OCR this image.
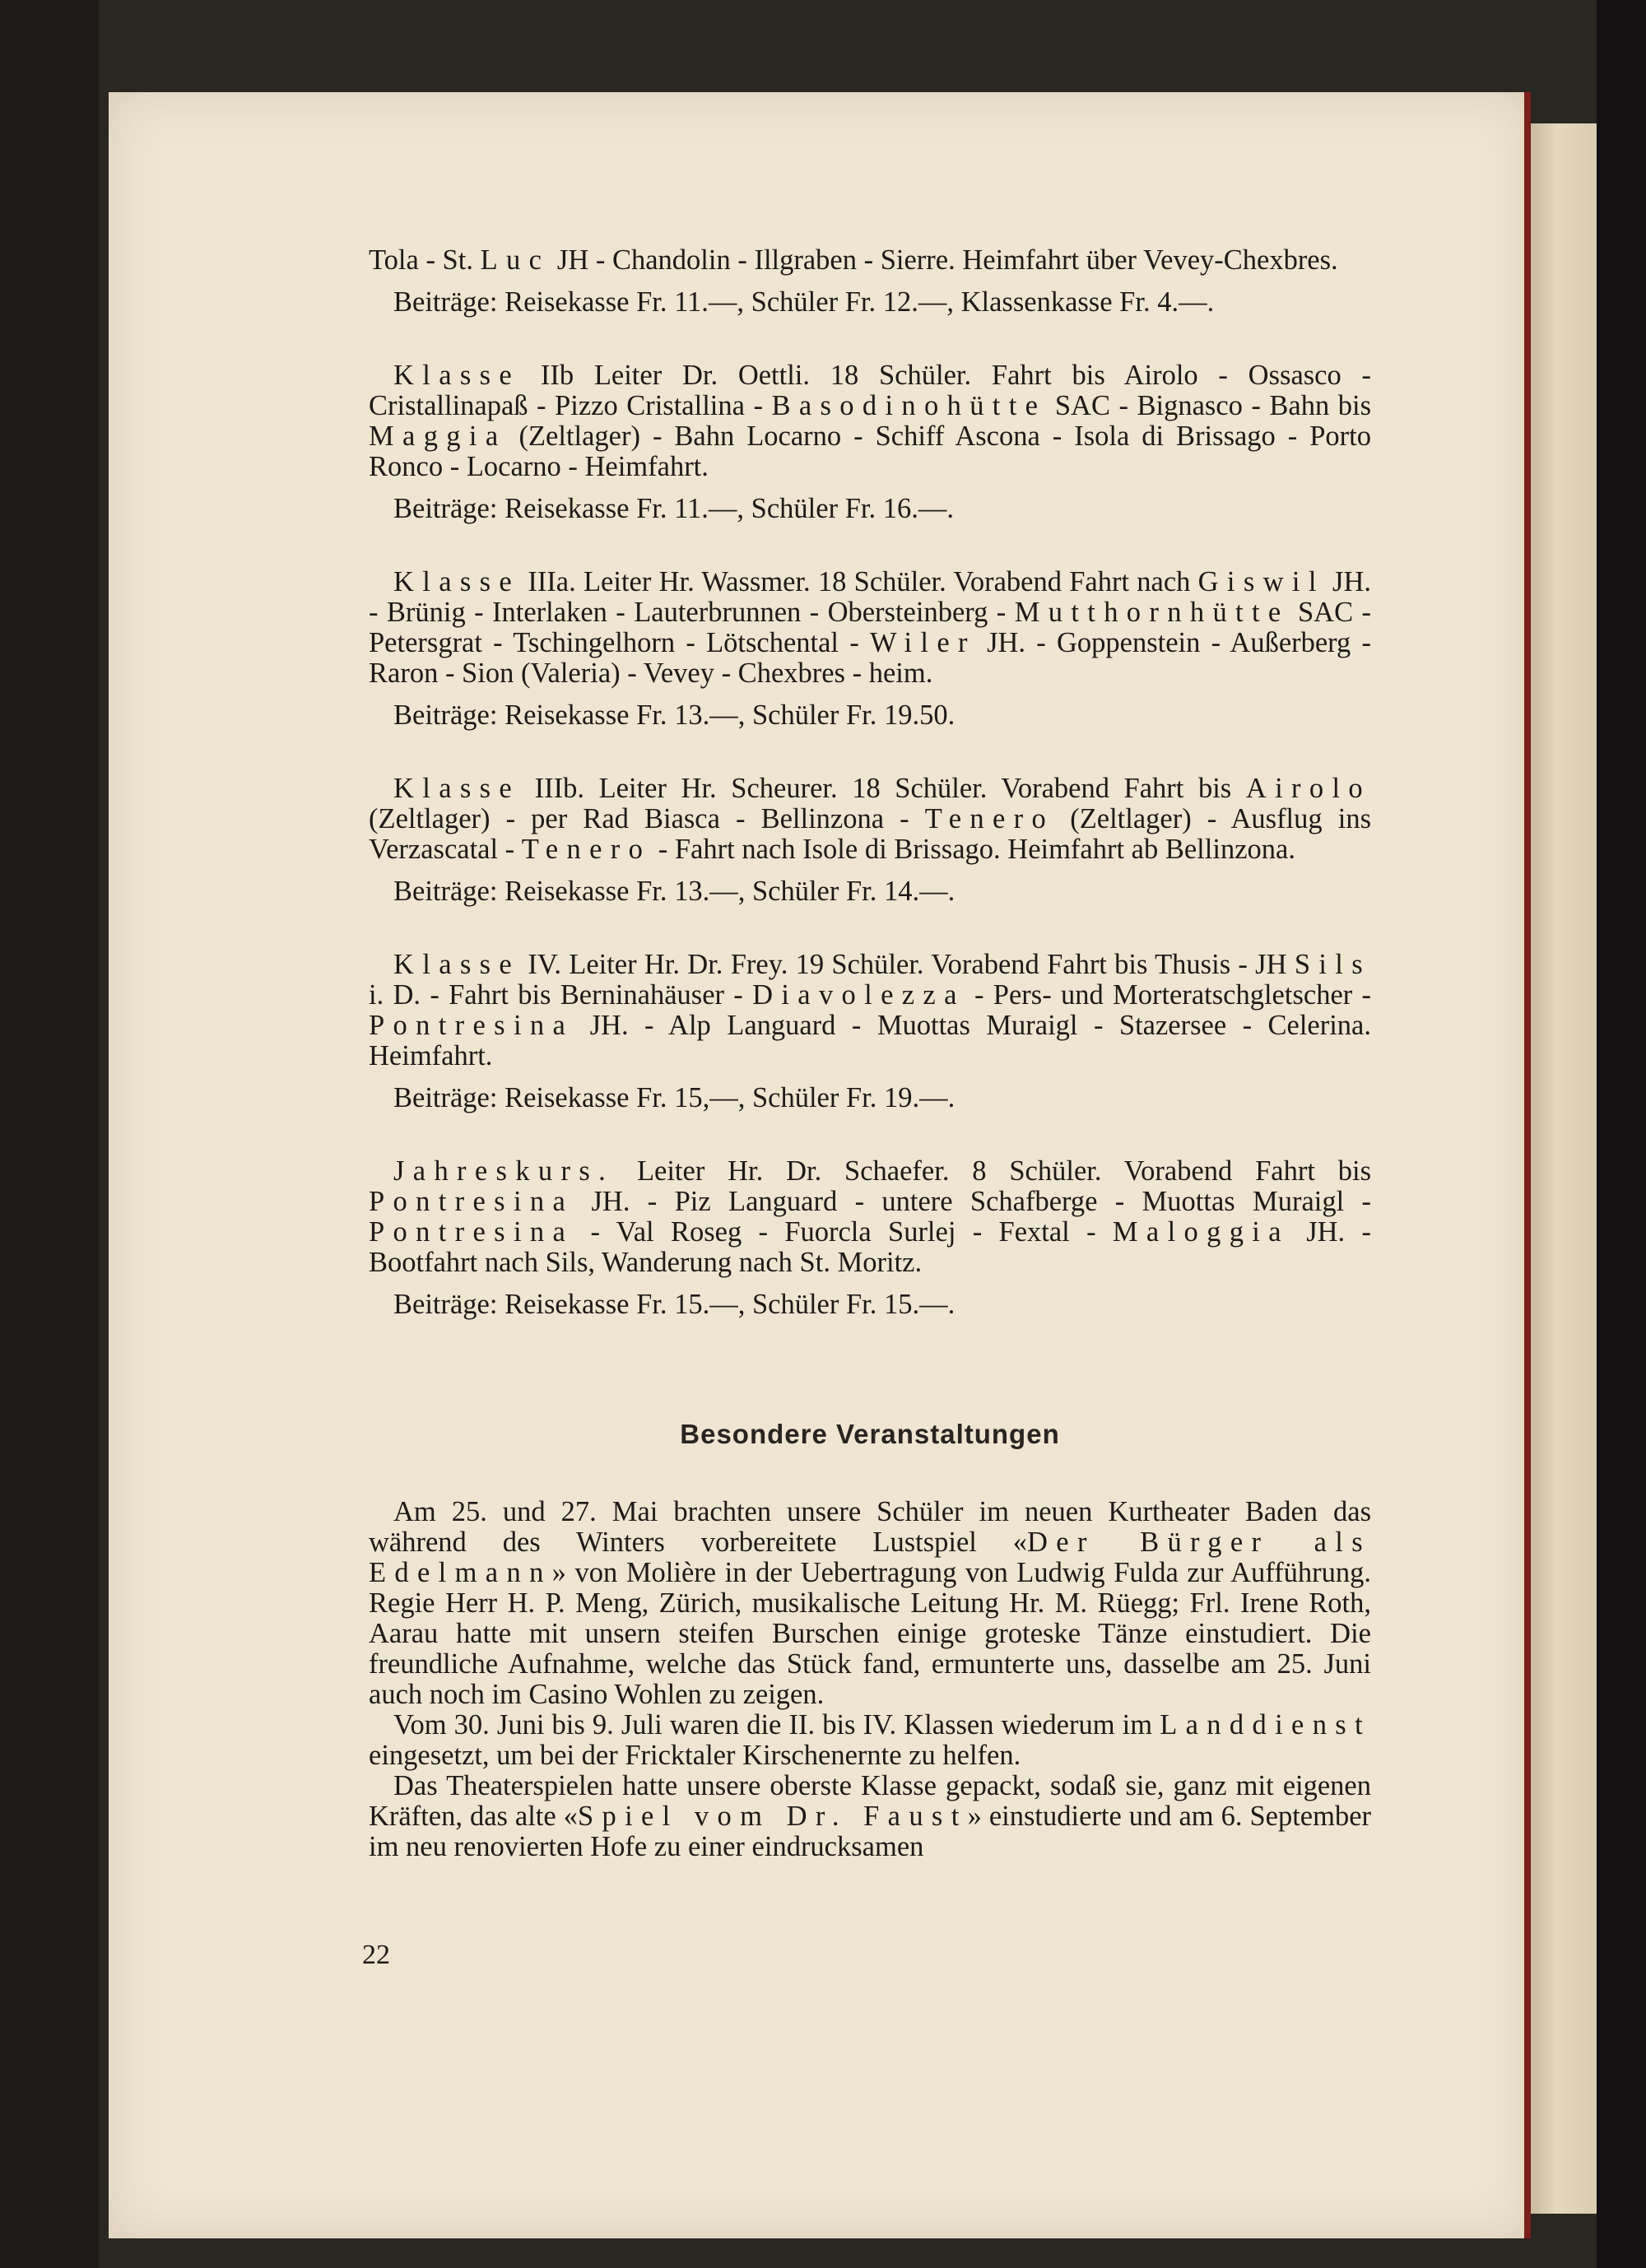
Tola - St. Luc JH - Chandolin - Illgraben - Sierre. Heimfahrt über Vevey-Chexbres.

Beiträge: Reisekasse Fr. 11.—, Schüler Fr. 12.—, Klassenkasse Fr. 4.—.

Klasse IIb Leiter Dr. Oettli. 18 Schüler. Fahrt bis Airolo - Ossasco - Cristallinapaß - Pizzo Cristallina - Basodinohütte SAC - Bignasco - Bahn bis Maggia (Zeltlager) - Bahn Locarno - Schiff Ascona - Isola di Brissago - Porto Ronco - Locarno - Heimfahrt.

Beiträge: Reisekasse Fr. 11.—, Schüler Fr. 16.—.

Klasse IIIa. Leiter Hr. Wassmer. 18 Schüler. Vorabend Fahrt nach Giswil JH. - Brünig - Interlaken - Lauterbrunnen - Obersteinberg - Mutthornhütte SAC - Petersgrat - Tschingelhorn - Lötschental - Wiler JH. - Goppenstein - Außerberg - Raron - Sion (Valeria) - Vevey - Chexbres - heim.

Beiträge: Reisekasse Fr. 13.—, Schüler Fr. 19.50.

Klasse IIIb. Leiter Hr. Scheurer. 18 Schüler. Vorabend Fahrt bis Airolo (Zeltlager) - per Rad Biasca - Bellinzona - Tenero (Zeltlager) - Ausflug ins Verzascatal - Tenero - Fahrt nach Isole di Brissago. Heimfahrt ab Bellinzona.

Beiträge: Reisekasse Fr. 13.—, Schüler Fr. 14.—.

Klasse IV. Leiter Hr. Dr. Frey. 19 Schüler. Vorabend Fahrt bis Thusis - JH Sils i. D. - Fahrt bis Berninahäuser - Diavolezza - Pers- und Morteratschgletscher - Pontresina JH. - Alp Languard - Muottas Muraigl - Stazersee - Celerina. Heimfahrt.

Beiträge: Reisekasse Fr. 15,—, Schüler Fr. 19.—.

Jahreskurs. Leiter Hr. Dr. Schaefer. 8 Schüler. Vorabend Fahrt bis Pontresina JH. - Piz Languard - untere Schafberge - Muottas Muraigl - Pontresina - Val Roseg - Fuorcla Surlej - Fextal - Maloggia JH. - Bootfahrt nach Sils, Wanderung nach St. Moritz.

Beiträge: Reisekasse Fr. 15.—, Schüler Fr. 15.—.

Besondere Veranstaltungen

Am 25. und 27. Mai brachten unsere Schüler im neuen Kurtheater Baden das während des Winters vorbereitete Lustspiel «Der Bürger als Edelmann» von Molière in der Uebertragung von Ludwig Fulda zur Aufführung. Regie Herr H. P. Meng, Zürich, musikalische Leitung Hr. M. Rüegg; Frl. Irene Roth, Aarau hatte mit unsern steifen Burschen einige groteske Tänze einstudiert. Die freundliche Aufnahme, welche das Stück fand, ermunterte uns, dasselbe am 25. Juni auch noch im Casino Wohlen zu zeigen.

Vom 30. Juni bis 9. Juli waren die II. bis IV. Klassen wiederum im Landdienst eingesetzt, um bei der Fricktaler Kirschenernte zu helfen.

Das Theaterspielen hatte unsere oberste Klasse gepackt, sodaß sie, ganz mit eigenen Kräften, das alte «Spiel vom Dr. Faust» einstudierte und am 6. September im neu renovierten Hofe zu einer eindrucksamen

22
